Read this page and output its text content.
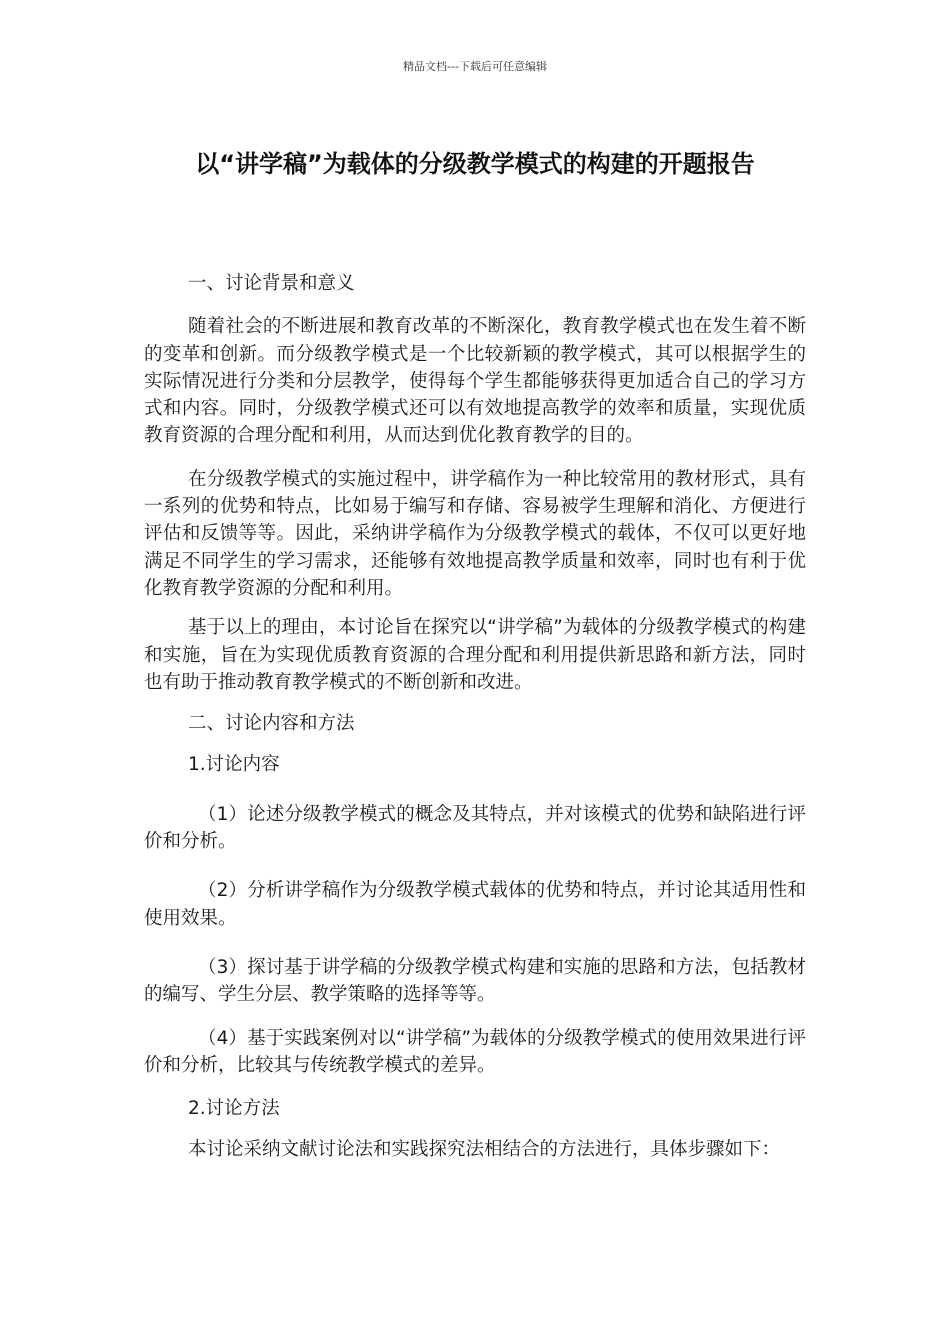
精品文档---下载后可任意编辑
以“讲学稿”为载体的分级教学模式的构建的开题报告

一、讨论背景和意义

随着社会的不断进展和教育改革的不断深化，教育教学模式也在发生着不断的变革和创新。而分级教学模式是一个比较新颖的教学模式，其可以根据学生的实际情况进行分类和分层教学，使得每个学生都能够获得更加适合自己的学习方式和内容。同时，分级教学模式还可以有效地提高教学的效率和质量，实现优质教育资源的合理分配和利用，从而达到优化教育教学的目的。

在分级教学模式的实施过程中，讲学稿作为一种比较常用的教材形式，具有一系列的优势和特点，比如易于编写和存储、容易被学生理解和消化、方便进行评估和反馈等等。因此，采纳讲学稿作为分级教学模式的载体，不仅可以更好地满足不同学生的学习需求，还能够有效地提高教学质量和效率，同时也有利于优化教育教学资源的分配和利用。

基于以上的理由，本讨论旨在探究以“讲学稿”为载体的分级教学模式的构建和实施，旨在为实现优质教育资源的合理分配和利用提供新思路和新方法，同时也有助于推动教育教学模式的不断创新和改进。

二、讨论内容和方法

1.讨论内容

（1）论述分级教学模式的概念及其特点，并对该模式的优势和缺陷进行评价和分析。

（2）分析讲学稿作为分级教学模式载体的优势和特点，并讨论其适用性和使用效果。

（3）探讨基于讲学稿的分级教学模式构建和实施的思路和方法，包括教材的编写、学生分层、教学策略的选择等等。

（4）基于实践案例对以“讲学稿”为载体的分级教学模式的使用效果进行评价和分析，比较其与传统教学模式的差异。

2.讨论方法

本讨论采纳文献讨论法和实践探究法相结合的方法进行，具体步骤如下：
